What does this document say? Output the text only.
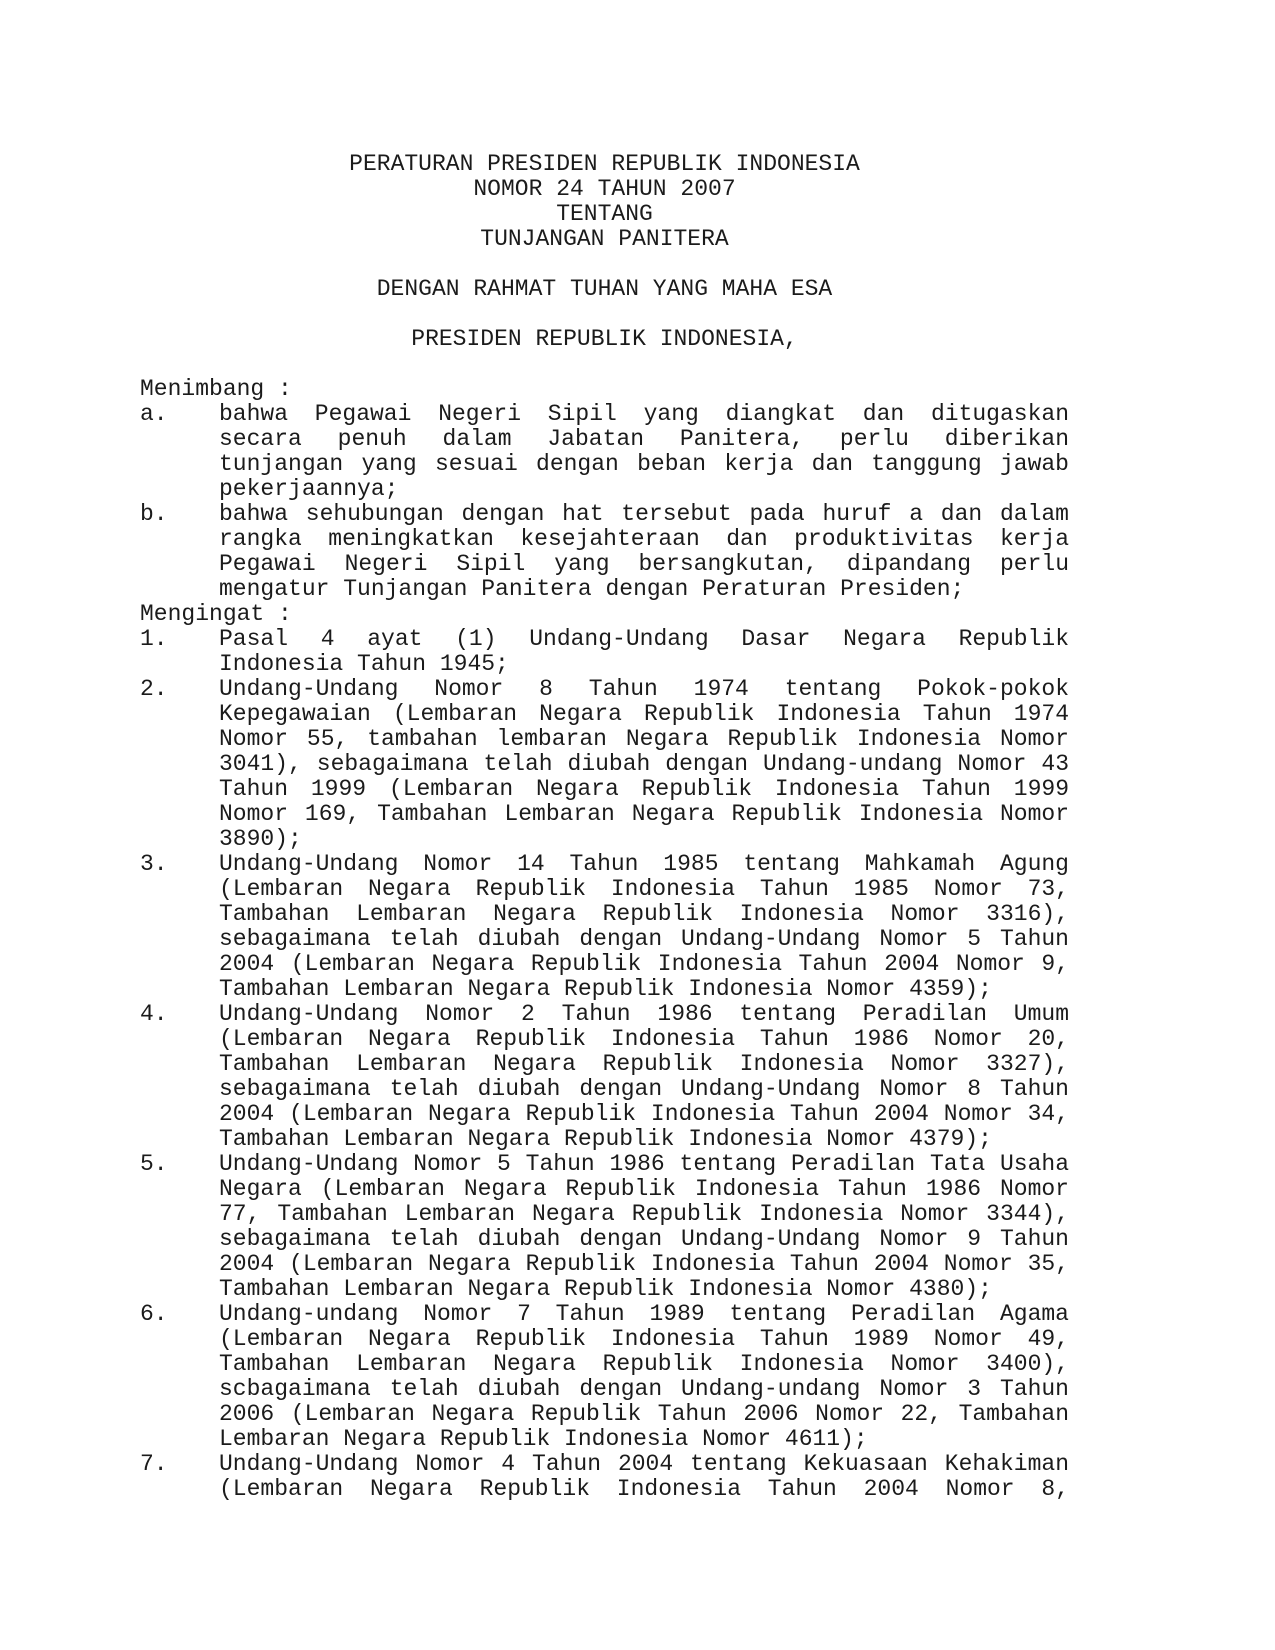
PERATURAN PRESIDEN REPUBLIK INDONESIA
NOMOR 24 TAHUN 2007
TENTANG
TUNJANGAN PANITERA
DENGAN RAHMAT TUHAN YANG MAHA ESA
PRESIDEN REPUBLIK INDONESIA,
Menimbang :
a. bahwa Pegawai Negeri Sipil yang diangkat dan ditugaskan secara penuh dalam Jabatan Panitera, perlu diberikan tunjangan yang sesuai dengan beban kerja dan tanggung jawab pekerjaannya;
b. bahwa sehubungan dengan hat tersebut pada huruf a dan dalam rangka meningkatkan kesejahteraan dan produktivitas kerja Pegawai Negeri Sipil yang bersangkutan, dipandang perlu mengatur Tunjangan Panitera dengan Peraturan Presiden;
Mengingat :
1. Pasal 4 ayat (1) Undang-Undang Dasar Negara Republik Indonesia Tahun 1945;
2. Undang-Undang Nomor 8 Tahun 1974 tentang Pokok-pokok Kepegawaian (Lembaran Negara Republik Indonesia Tahun 1974 Nomor 55, tambahan lembaran Negara Republik Indonesia Nomor 3041), sebagaimana telah diubah dengan Undang-undang Nomor 43 Tahun 1999 (Lembaran Negara Republik Indonesia Tahun 1999 Nomor 169, Tambahan Lembaran Negara Republik Indonesia Nomor 3890);
3. Undang-Undang Nomor 14 Tahun 1985 tentang Mahkamah Agung (Lembaran Negara Republik Indonesia Tahun 1985 Nomor 73, Tambahan Lembaran Negara Republik Indonesia Nomor 3316), sebagaimana telah diubah dengan Undang-Undang Nomor 5 Tahun 2004 (Lembaran Negara Republik Indonesia Tahun 2004 Nomor 9, Tambahan Lembaran Negara Republik Indonesia Nomor 4359);
4. Undang-Undang Nomor 2 Tahun 1986 tentang Peradilan Umum (Lembaran Negara Republik Indonesia Tahun 1986 Nomor 20, Tambahan Lembaran Negara Republik Indonesia Nomor 3327), sebagaimana telah diubah dengan Undang-Undang Nomor 8 Tahun 2004 (Lembaran Negara Republik Indonesia Tahun 2004 Nomor 34, Tambahan Lembaran Negara Republik Indonesia Nomor 4379);
5. Undang-Undang Nomor 5 Tahun 1986 tentang Peradilan Tata Usaha Negara (Lembaran Negara Republik Indonesia Tahun 1986 Nomor 77, Tambahan Lembaran Negara Republik Indonesia Nomor 3344), sebagaimana telah diubah dengan Undang-Undang Nomor 9 Tahun 2004 (Lembaran Negara Republik Indonesia Tahun 2004 Nomor 35, Tambahan Lembaran Negara Republik Indonesia Nomor 4380);
6. Undang-undang Nomor 7 Tahun 1989 tentang Peradilan Agama (Lembaran Negara Republik Indonesia Tahun 1989 Nomor 49, Tambahan Lembaran Negara Republik Indonesia Nomor 3400), scbagaimana telah diubah dengan Undang-undang Nomor 3 Tahun 2006 (Lembaran Negara Republik Tahun 2006 Nomor 22, Tambahan Lembaran Negara Republik Indonesia Nomor 4611);
7. Undang-Undang Nomor 4 Tahun 2004 tentang Kekuasaan Kehakiman (Lembaran Negara Republik Indonesia Tahun 2004 Nomor 8,
